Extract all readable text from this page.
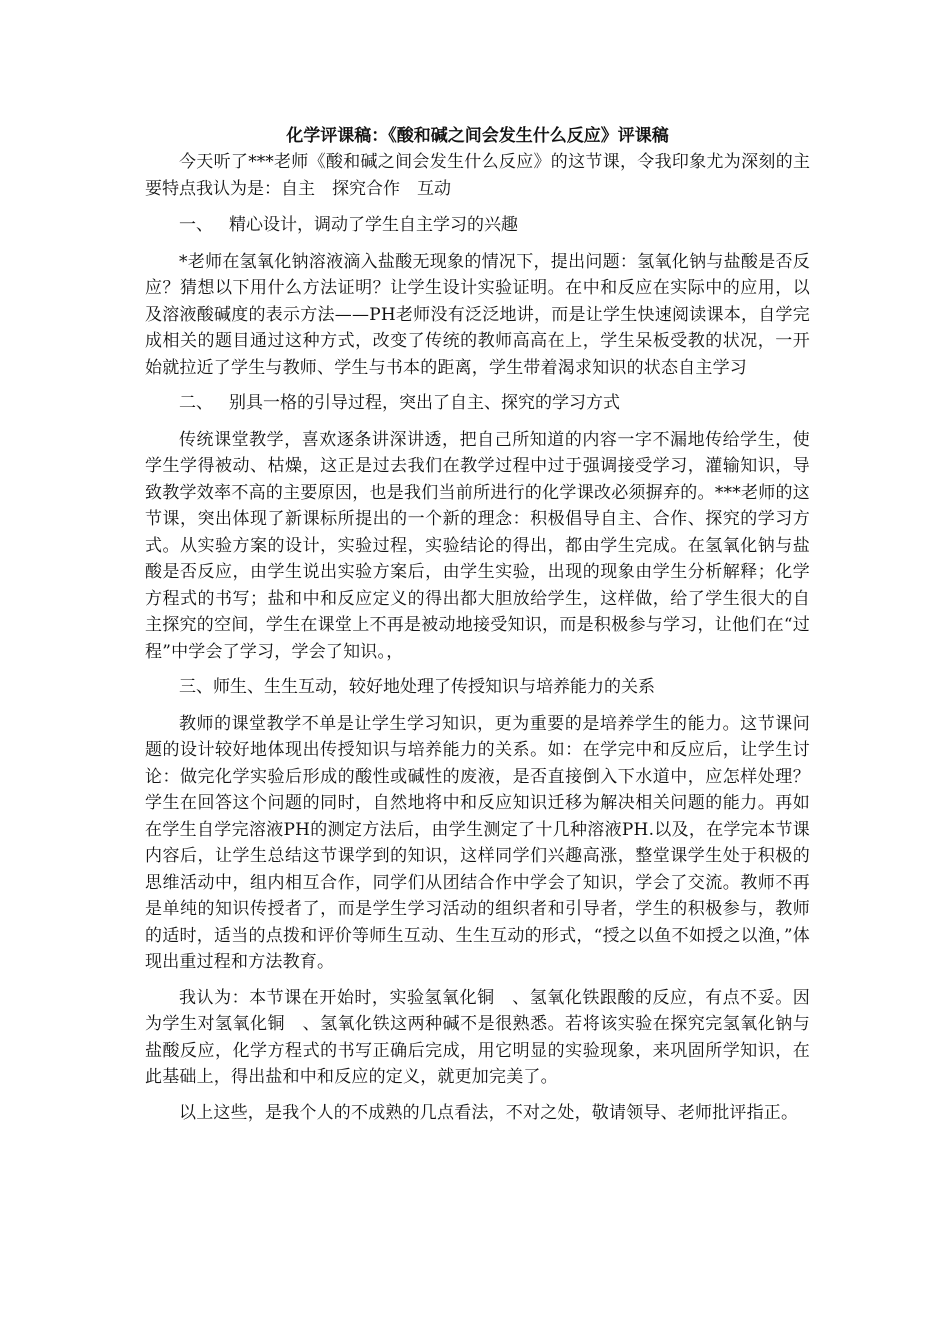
化学评课稿：《酸和碱之间会发生什么反应》评课稿

今天听了***老师《酸和碱之间会发生什么反应》的这节课，令我印象尤为深刻的主要特点我认为是：自主　探究合作　互动

一、 精心设计，调动了学生自主学习的兴趣

*老师在氢氧化钠溶液滴入盐酸无现象的情况下，提出问题：氢氧化钠与盐酸是否反应？猜想以下用什么方法证明？让学生设计实验证明。在中和反应在实际中的应用，以及溶液酸碱度的表示方法——PH老师没有泛泛地讲，而是让学生快速阅读课本，自学完成相关的题目通过这种方式，改变了传统的教师高高在上，学生呆板受教的状况，一开始就拉近了学生与教师、学生与书本的距离，学生带着渴求知识的状态自主学习

二、 别具一格的引导过程，突出了自主、探究的学习方式

传统课堂教学，喜欢逐条讲深讲透，把自己所知道的内容一字不漏地传给学生，使学生学得被动、枯燥，这正是过去我们在教学过程中过于强调接受学习，灌输知识，导致教学效率不高的主要原因，也是我们当前所进行的化学课改必须摒弃的。***老师的这节课，突出体现了新课标所提出的一个新的理念：积极倡导自主、合作、探究的学习方式。从实验方案的设计，实验过程，实验结论的得出，都由学生完成。在氢氧化钠与盐酸是否反应，由学生说出实验方案后，由学生实验，出现的现象由学生分析解释；化学方程式的书写；盐和中和反应定义的得出都大胆放给学生，这样做，给了学生很大的自主探究的空间，学生在课堂上不再是被动地接受知识，而是积极参与学习，让他们在“过程”中学会了学习，学会了知识。，

三、师生、生生互动，较好地处理了传授知识与培养能力的关系

教师的课堂教学不单是让学生学习知识，更为重要的是培养学生的能力。这节课问题的设计较好地体现出传授知识与培养能力的关系。如：在学完中和反应后，让学生讨论：做完化学实验后形成的酸性或碱性的废液，是否直接倒入下水道中，应怎样处理？学生在回答这个问题的同时，自然地将中和反应知识迁移为解决相关问题的能力。再如在学生自学完溶液PH的测定方法后，由学生测定了十几种溶液PH.以及，在学完本节课内容后，让学生总结这节课学到的知识，这样同学们兴趣高涨，整堂课学生处于积极的思维活动中，组内相互合作，同学们从团结合作中学会了知识，学会了交流。教师不再是单纯的知识传授者了，而是学生学习活动的组织者和引导者，学生的积极参与，教师的适时，适当的点拨和评价等师生互动、生生互动的形式，“授之以鱼不如授之以渔，”体现出重过程和方法教育。

我认为：本节课在开始时，实验氢氧化铜　、氢氧化铁跟酸的反应，有点不妥。因为学生对氢氧化铜　、氢氧化铁这两种碱不是很熟悉。若将该实验在探究完氢氧化钠与盐酸反应，化学方程式的书写正确后完成，用它明显的实验现象，来巩固所学知识，在此基础上，得出盐和中和反应的定义，就更加完美了。

以上这些，是我个人的不成熟的几点看法，不对之处，敬请领导、老师批评指正。
